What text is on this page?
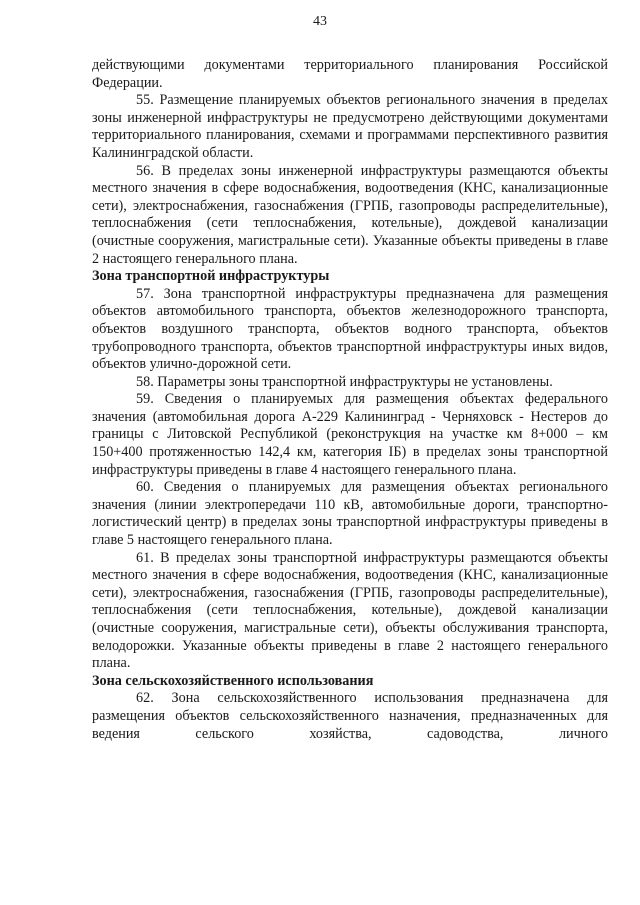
43

действующими документами территориального планирования Российской Федерации.

55. Размещение планируемых объектов регионального значения в пределах зоны инженерной инфраструктуры не предусмотрено действующими документами территориального планирования, схемами и программами перспективного развития Калининградской области.

56. В пределах зоны инженерной инфраструктуры размещаются объекты местного значения в сфере водоснабжения, водоотведения (КНС, канализационные сети), электроснабжения, газоснабжения (ГРПБ, газопроводы распределительные), теплоснабжения (сети теплоснабжения, котельные), дождевой канализации (очистные сооружения, магистральные сети). Указанные объекты приведены в главе 2 настоящего генерального плана.

Зона транспортной инфраструктуры

57. Зона транспортной инфраструктуры предназначена для размещения объектов автомобильного транспорта, объектов железнодорожного транспорта, объектов воздушного транспорта, объектов водного транспорта, объектов трубопроводного транспорта, объектов транспортной инфраструктуры иных видов, объектов улично-дорожной сети.

58. Параметры зоны транспортной инфраструктуры не установлены.

59. Сведения о планируемых для размещения объектах федерального значения (автомобильная дорога А-229 Калининград - Черняховск - Нестеров до границы с Литовской Республикой (реконструкция на участке км 8+000 – км 150+400 протяженностью 142,4 км, категория IБ) в пределах зоны транспортной инфраструктуры приведены в главе 4 настоящего генерального плана.

60. Сведения о планируемых для размещения объектах регионального значения (линии электропередачи 110 кВ, автомобильные дороги, транспортно-логистический центр) в пределах зоны транспортной инфраструктуры приведены в главе 5 настоящего генерального плана.

61. В пределах зоны транспортной инфраструктуры размещаются объекты местного значения в сфере водоснабжения, водоотведения (КНС, канализационные сети), электроснабжения, газоснабжения (ГРПБ, газопроводы распределительные), теплоснабжения (сети теплоснабжения, котельные), дождевой канализации (очистные сооружения, магистральные сети), объекты обслуживания транспорта, велодорожки. Указанные объекты приведены в главе 2 настоящего генерального плана.

Зона сельскохозяйственного использования

62. Зона сельскохозяйственного использования предназначена для размещения объектов сельскохозяйственного назначения, предназначенных для ведения сельского хозяйства, садоводства, личного
